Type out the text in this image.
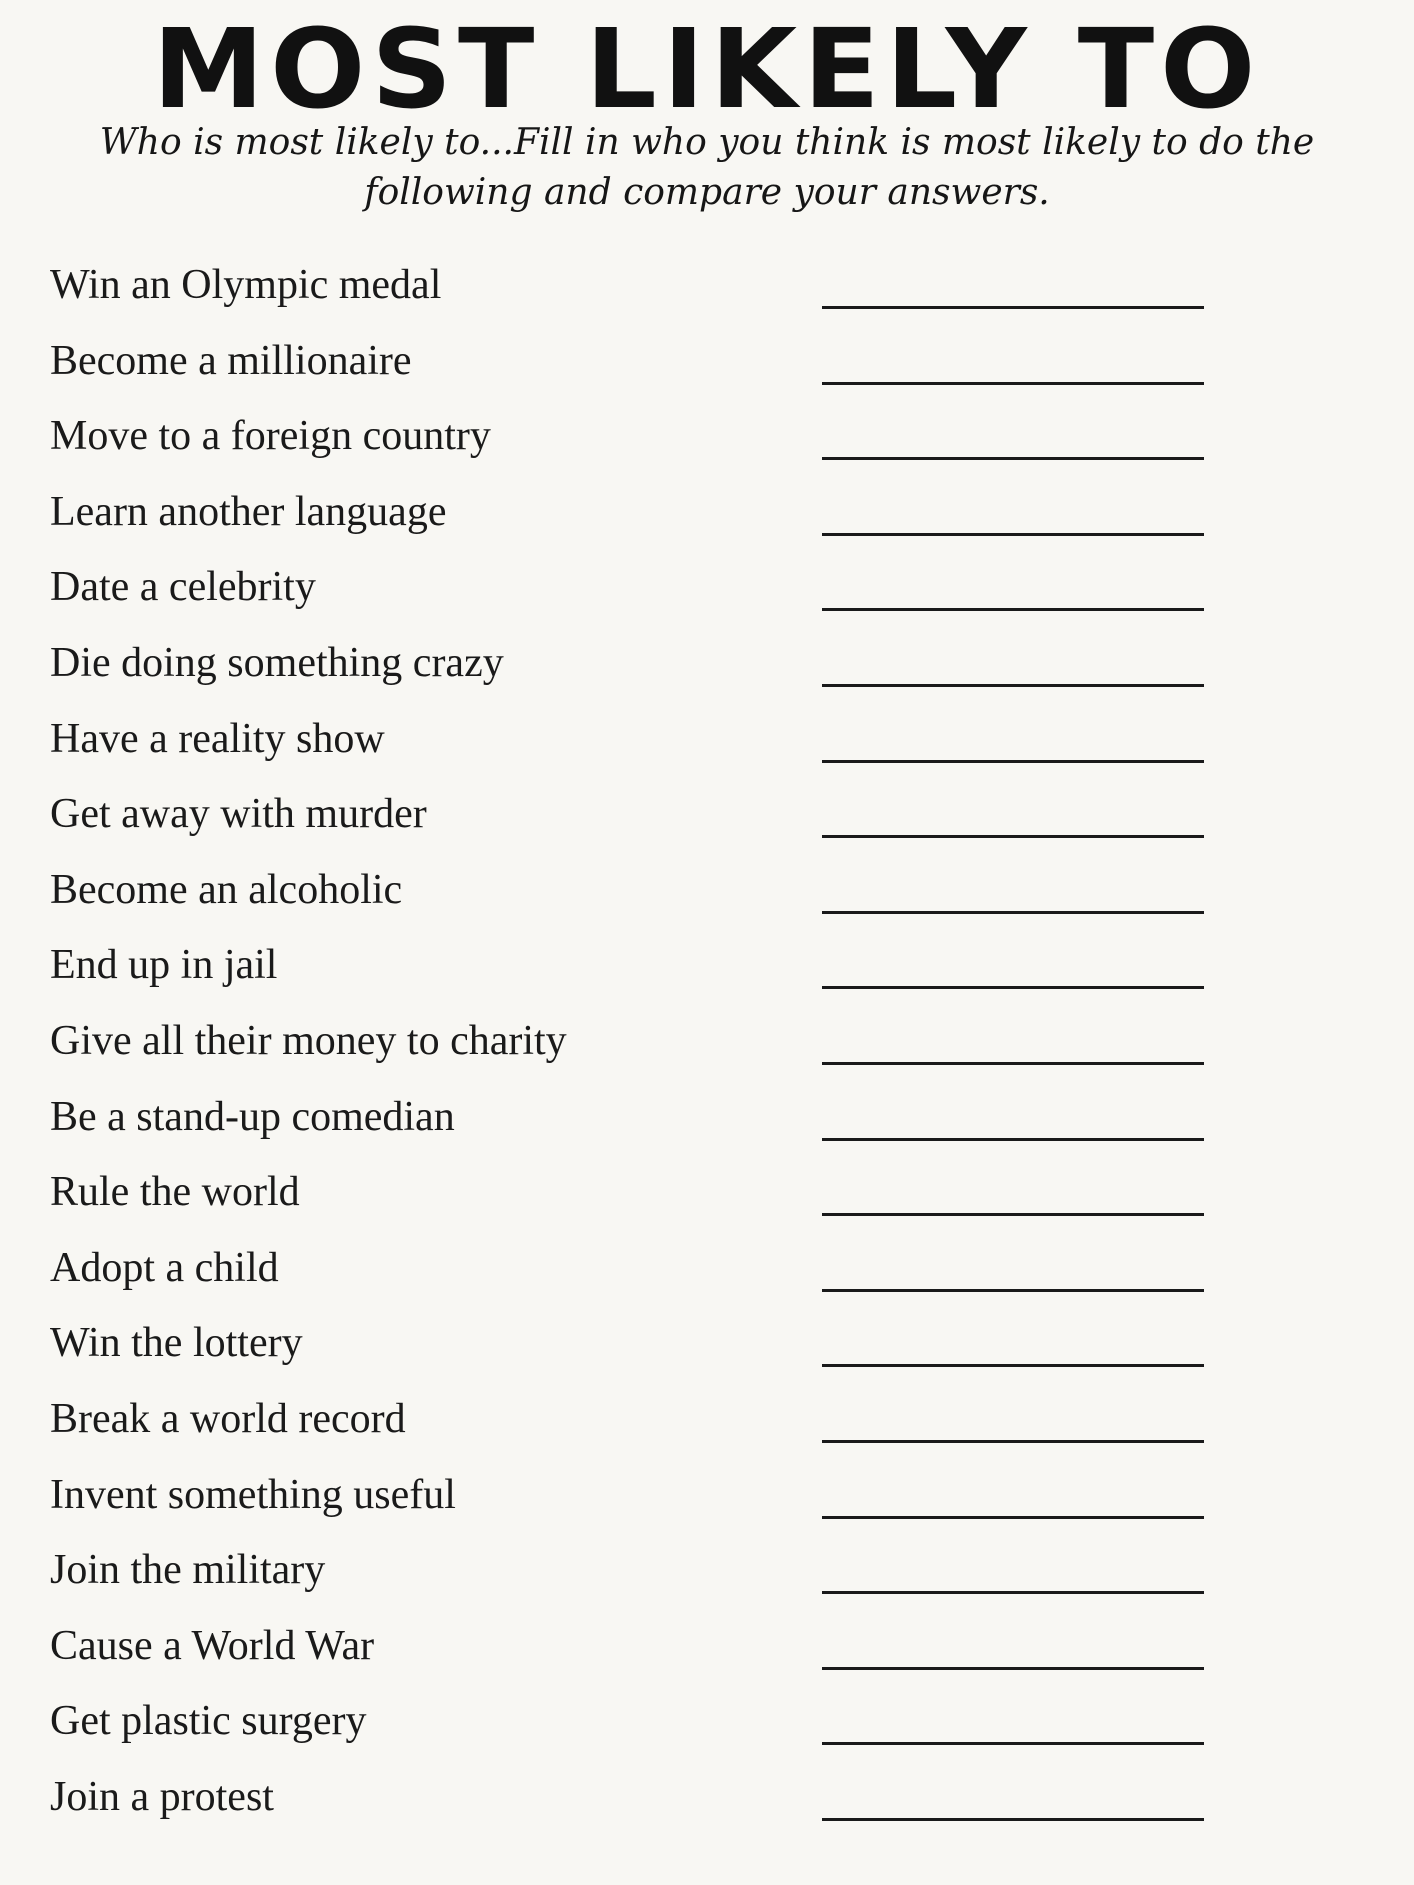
MOST LIKELY TO
Who is most likely to...Fill in who you think is most likely to do the following and compare your answers.
Win an Olympic medal
Become a millionaire
Move to a foreign country
Learn another language
Date a celebrity
Die doing something crazy
Have a reality show
Get away with murder
Become an alcoholic
End up in jail
Give all their money to charity
Be a stand-up comedian
Rule the world
Adopt a child
Win the lottery
Break a world record
Invent something useful
Join the military
Cause a World War
Get plastic surgery
Join a protest
